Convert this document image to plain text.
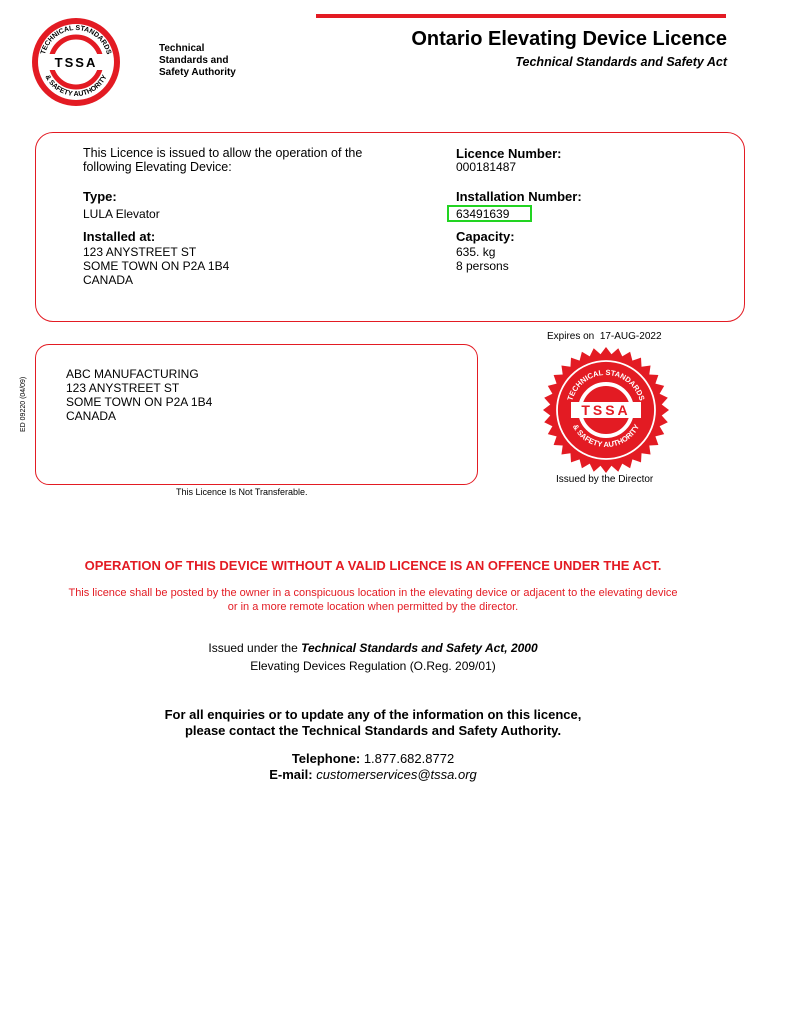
TECHNICAL STANDARDS
& SAFETY AUTHORITY
TSSA
Technical
Standards and
Safety Authority
Ontario Elevating Device Licence
Technical Standards and Safety Act
This Licence is issued to allow the operation of the
following Elevating Device:
Type:
LULA Elevator
Installed at:
123 ANYSTREET ST
SOME TOWN ON P2A 1B4
CANADA
Licence Number:
000181487
Installation Number:
63491639
Capacity:
635. kg
8 persons
Expires on 17-AUG-2022
ABC MANUFACTURING
123 ANYSTREET ST
SOME TOWN ON P2A 1B4
CANADA
ED 09220 (04/09)
This Licence Is Not Transferable.
TECHNICAL STANDARDS
& SAFETY AUTHORITY
TSSA
Issued by the Director
OPERATION OF THIS DEVICE WITHOUT A VALID LICENCE IS AN OFFENCE UNDER THE ACT.
This licence shall be posted by the owner in a conspicuous location in the elevating device or adjacent to the elevating device
or in a more remote location when permitted by the director.
Issued under the Technical Standards and Safety Act, 2000
Elevating Devices Regulation (O.Reg. 209/01)
For all enquiries or to update any of the information on this licence,
please contact the Technical Standards and Safety Authority.
Telephone: 1.877.682.8772
E-mail: customerservices@tssa.org
